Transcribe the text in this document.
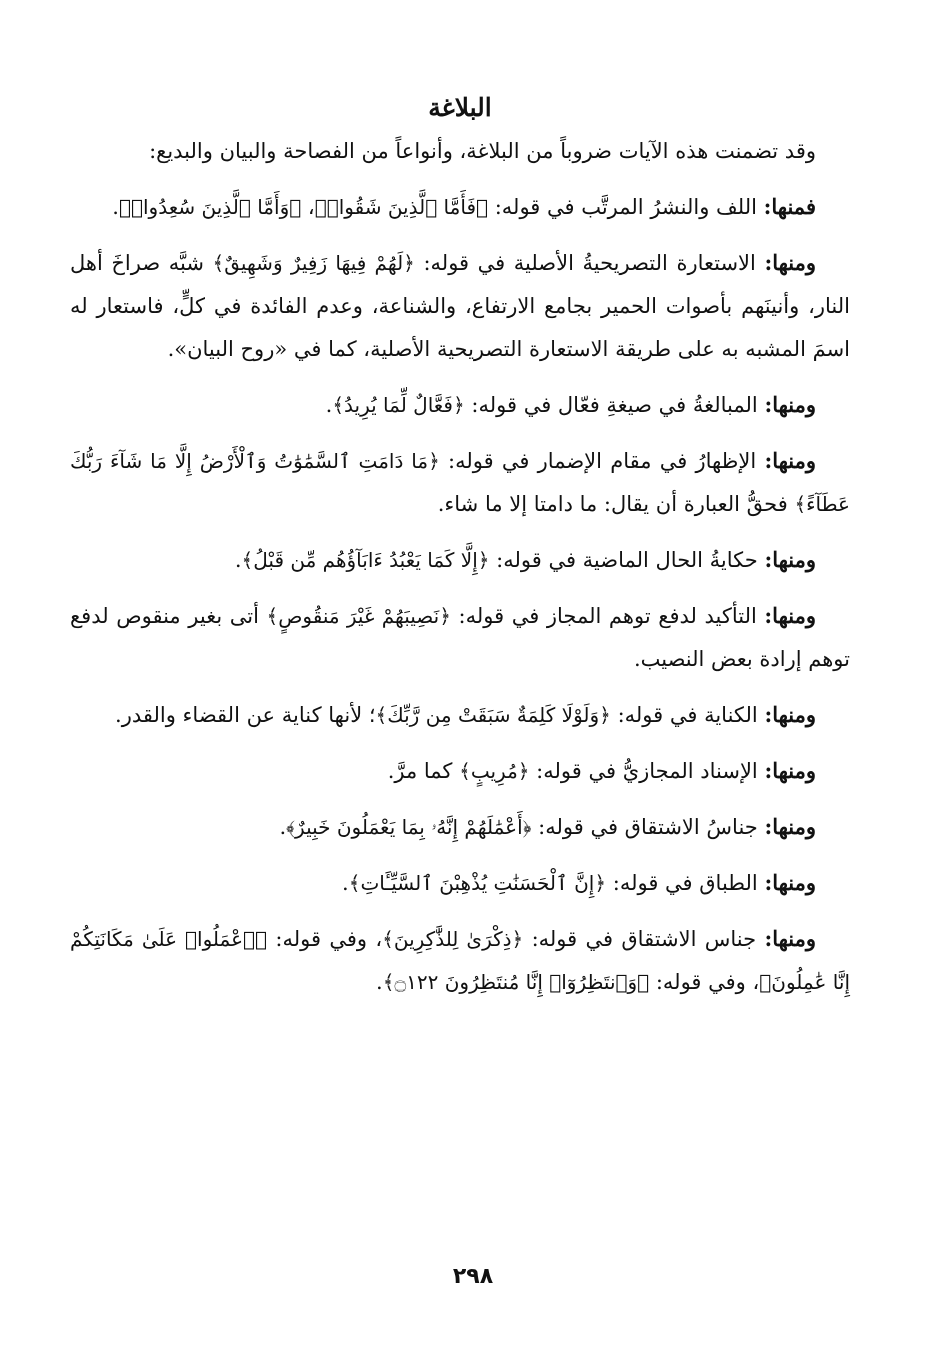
البلاغة

وقد تضمنت هذه الآيات ضروباً من البلاغة، وأنواعاً من الفصاحة والبيان والبديع:

فمنها: اللف والنشرُ المرتَّب في قوله: ﴿فَأَمَّا ٱلَّذِينَ شَقُوا۟﴾، ﴿وَأَمَّا ٱلَّذِينَ سُعِدُوا۟﴾.

ومنها: الاستعارة التصريحيةُ الأصلية في قوله: ﴿لَهُمْ فِيهَا زَفِيرٌ وَشَهِيقٌ﴾ شبَّه صراخَ أهل النار، وأنينَهم بأصوات الحمير بجامع الارتفاع، والشناعة، وعدم الفائدة في كلٍّ، فاستعار له اسمَ المشبه به على طريقة الاستعارة التصريحية الأصلية، كما في «روح البيان».

ومنها: المبالغةُ في صيغةِ فعّال في قوله: ﴿فَعَّالٌ لِّمَا يُرِيدُ﴾.

ومنها: الإظهارُ في مقام الإضمار في قوله: ﴿مَا دَامَتِ ٱلسَّمَٰوَٰتُ وَٱلْأَرْضُ إِلَّا مَا شَآءَ رَبُّكَ عَطَآءً﴾ فحقُّ العبارة أن يقال: ما دامتا إلا ما شاء.

ومنها: حكايةُ الحال الماضية في قوله: ﴿إِلَّا كَمَا يَعْبُدُ ءَابَآؤُهُم مِّن قَبْلُ﴾.

ومنها: التأكيد لدفع توهم المجاز في قوله: ﴿نَصِيبَهُمْ غَيْرَ مَنقُوصٍ﴾ أتى بغير منقوص لدفع توهم إرادة بعض النصيب.

ومنها: الكناية في قوله: ﴿وَلَوْلَا كَلِمَةٌ سَبَقَتْ مِن رَّبِّكَ﴾؛ لأنها كناية عن القضاء والقدر.

ومنها: الإسناد المجازيُّ في قوله: ﴿مُرِيبٍ﴾ كما مرَّ.

ومنها: جناسُ الاشتقاق في قوله: ﴿أَعْمَٰلَهُمْ إِنَّهُۥ بِمَا يَعْمَلُونَ خَبِيرٌ﴾.

ومنها: الطباق في قوله: ﴿إِنَّ ٱلْحَسَنَٰتِ يُذْهِبْنَ ٱلسَّيِّـَٔاتِ﴾.

ومنها: جناس الاشتقاق في قوله: ﴿ذِكْرَىٰ لِلذَّٰكِرِينَ﴾، وفي قوله: ﴿ٱعْمَلُوا۟ عَلَىٰ مَكَانَتِكُمْ إِنَّا عَٰمِلُونَ﴾، وفي قوله: ﴿وَٱنتَظِرُوٓا۟ إِنَّا مُنتَظِرُونَ ۝١٢٢﴾.

٢٩٨
